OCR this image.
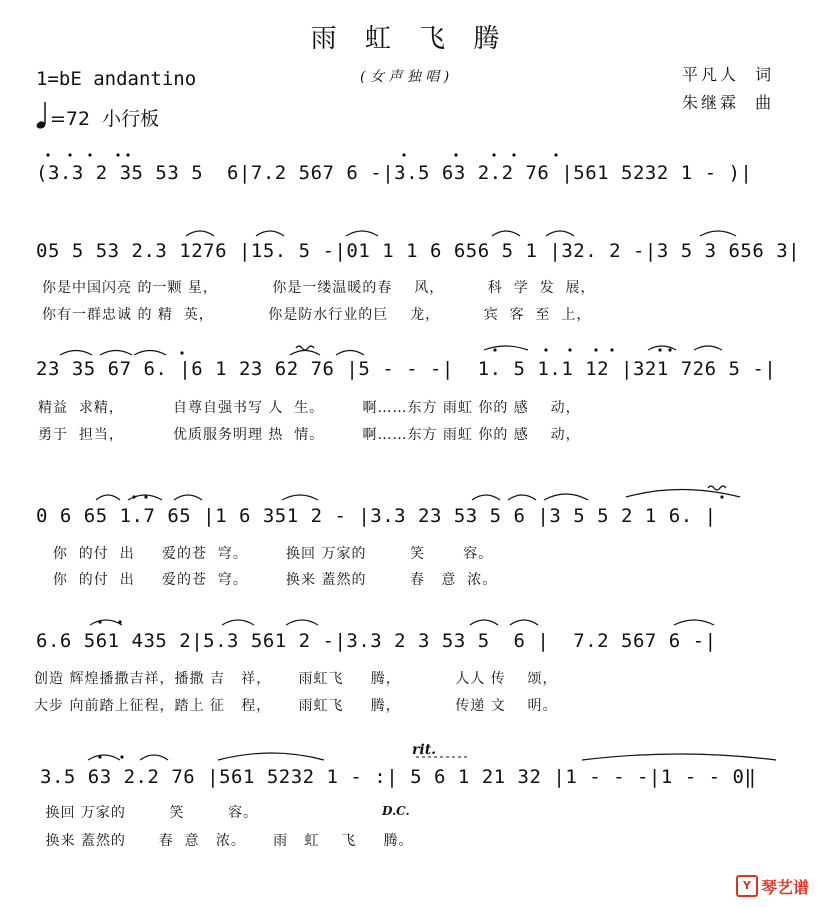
雨 虹 飞 腾
1=bE andantino
=72  小行板
( 女 声 独 唱 )	平凡人  词
朱继霖  曲
(3.3 2 35 53 5  6|7.2 567 6 -|3.5 63 2.2 76 |561 5232 1 - )|
05 5 53 2.3 1276 |15. 5 -|01 1 1 6 656 5 1 |32. 2 -|3 5 3 656 3|
你是中国闪亮 的一颗 星，          你是一缕温暖的春    风，        科  学  发  展，
你有一群忠诚 的 精  英，          你是防水行业的巨    龙，        宾  客  至  上，
23 35 67 6. |6 1 23 62 76 |5 - - -|  1. 5 1.1 12 |321 726 5 -|
精益  求精，         自尊自强书写 人  生。       啊……东方 雨虹 你的 感    动，
勇于  担当，         优质服务明理 热  情。       啊……东方 雨虹 你的 感    动，
0 6 65 1.7 65 |1 6 351 2 - |3.3 23 53 5 6 |3 5 5 2 1 6. |
你  的付  出     爱的苍  穹。       换回 万家的        笑       容。
你  的付  出     爱的苍  穹。       换来 蓋然的        春   意  浓。
6.6 561 435 2|5.3 561 2 -|3.3 2 3 53 5  6 |  7.2 567 6 -|
创造 辉煌播撒吉祥，播撒 吉   祥，     雨虹飞     腾，          人人 传    颂，
大步 向前踏上征程，踏上 征   程，     雨虹飞     腾，          传递 文    明。
rit.
3.5 63 2.2 76 |561 5232 1 - :| 5 6 1 21 32 |1 - - -|1 - - 0‖
换回 万家的        笑        容。	D.C.
换来 蓋然的      春  意   浓。     雨   虹    飞     腾。
Y 琴艺谱
